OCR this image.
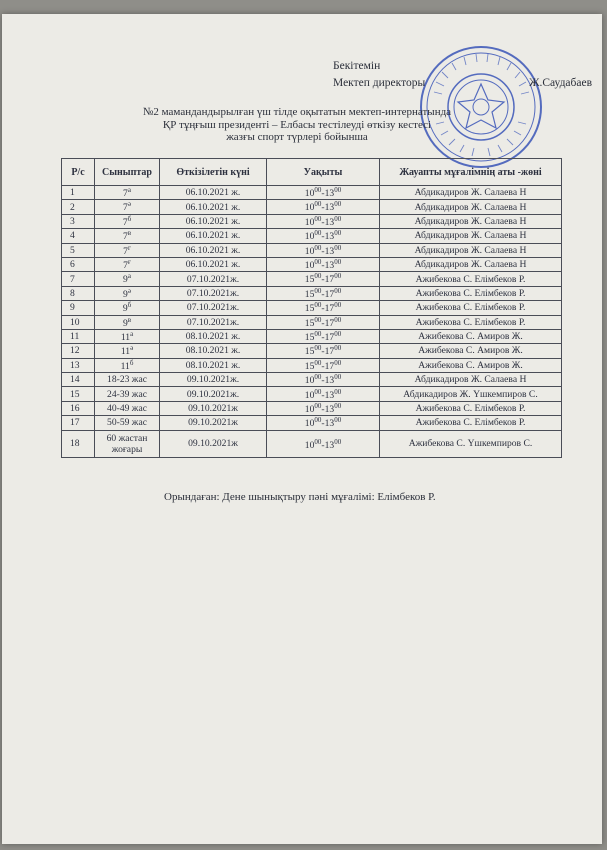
Бекітемін
Мектеп директоры	Ж.Саудабаев
№2 мамандандырылған үш тілде оқытатын мектеп-интернатында
ҚР тұңғыш президенті – Елбасы тестілеуді өткізу кестесі
жазғы спорт түрлері бойынша
Р/с	Сыныптар	Өткізілетін күні	Уақыты	Жауапты мұғалімнің аты -жөні
1	$7^а$	06.10.2021 ж.	$10^{00}-13^{00}$	Абдикадиров Ж. Салаева Н
2	$7^ә$	06.10.2021 ж.	$10^{00}-13^{00}$	Абдикадиров Ж. Салаева Н
3	$7^б$	06.10.2021 ж.	$10^{00}-13^{00}$	Абдикадиров Ж. Салаева Н
4	$7^в$	06.10.2021 ж.	$10^{00}-13^{00}$	Абдикадиров Ж. Салаева Н
5	$7^г$	06.10.2021 ж.	$10^{00}-13^{00}$	Абдикадиров Ж. Салаева Н
6	$7^ғ$	06.10.2021 ж.	$10^{00}-13^{00}$	Абдикадиров Ж. Салаева Н
7	$9^а$	07.10.2021ж.	$15^{00}-17^{00}$	Ажибекова С. Елімбеков Р.
8	$9^ә$	07.10.2021ж.	$15^{00}-17^{00}$	Ажибекова С. Елімбеков Р.
9	$9^б$	07.10.2021ж.	$15^{00}-17^{00}$	Ажибекова С. Елімбеков Р.
10	$9^в$	07.10.2021ж.	$15^{00}-17^{00}$	Ажибекова С. Елімбеков Р.
11	$11^а$	08.10.2021 ж.	$15^{00}-17^{00}$	Ажибекова С. Амиров Ж.
12	$11^ә$	08.10.2021 ж.	$15^{00}-17^{00}$	Ажибекова С. Амиров Ж.
13	$11^б$	08.10.2021 ж.	$15^{00}-17^{00}$	Ажибекова С. Амиров Ж.
14	18-23 жас	09.10.2021ж.	$10^{00}-13^{00}$	Абдикадиров Ж. Салаева Н
15	24-39 жас	09.10.2021ж.	$10^{00}-13^{00}$	Абдикадиров Ж. Үшкемпиров С.
16	40-49 жас	09.10.2021ж	$10^{00}-13^{00}$	Ажибекова С. Елімбеков Р.
17	50-59 жас	09.10.2021ж	$10^{00}-13^{00}$	Ажибекова С. Елімбеков Р.
18	60 жастан жоғары	09.10.2021ж	$10^{00}-13^{00}$	Ажибекова С. Үшкемпиров С.
Орындаған: Дене шынықтыру пәні мұғалімі: Елімбеков Р.
